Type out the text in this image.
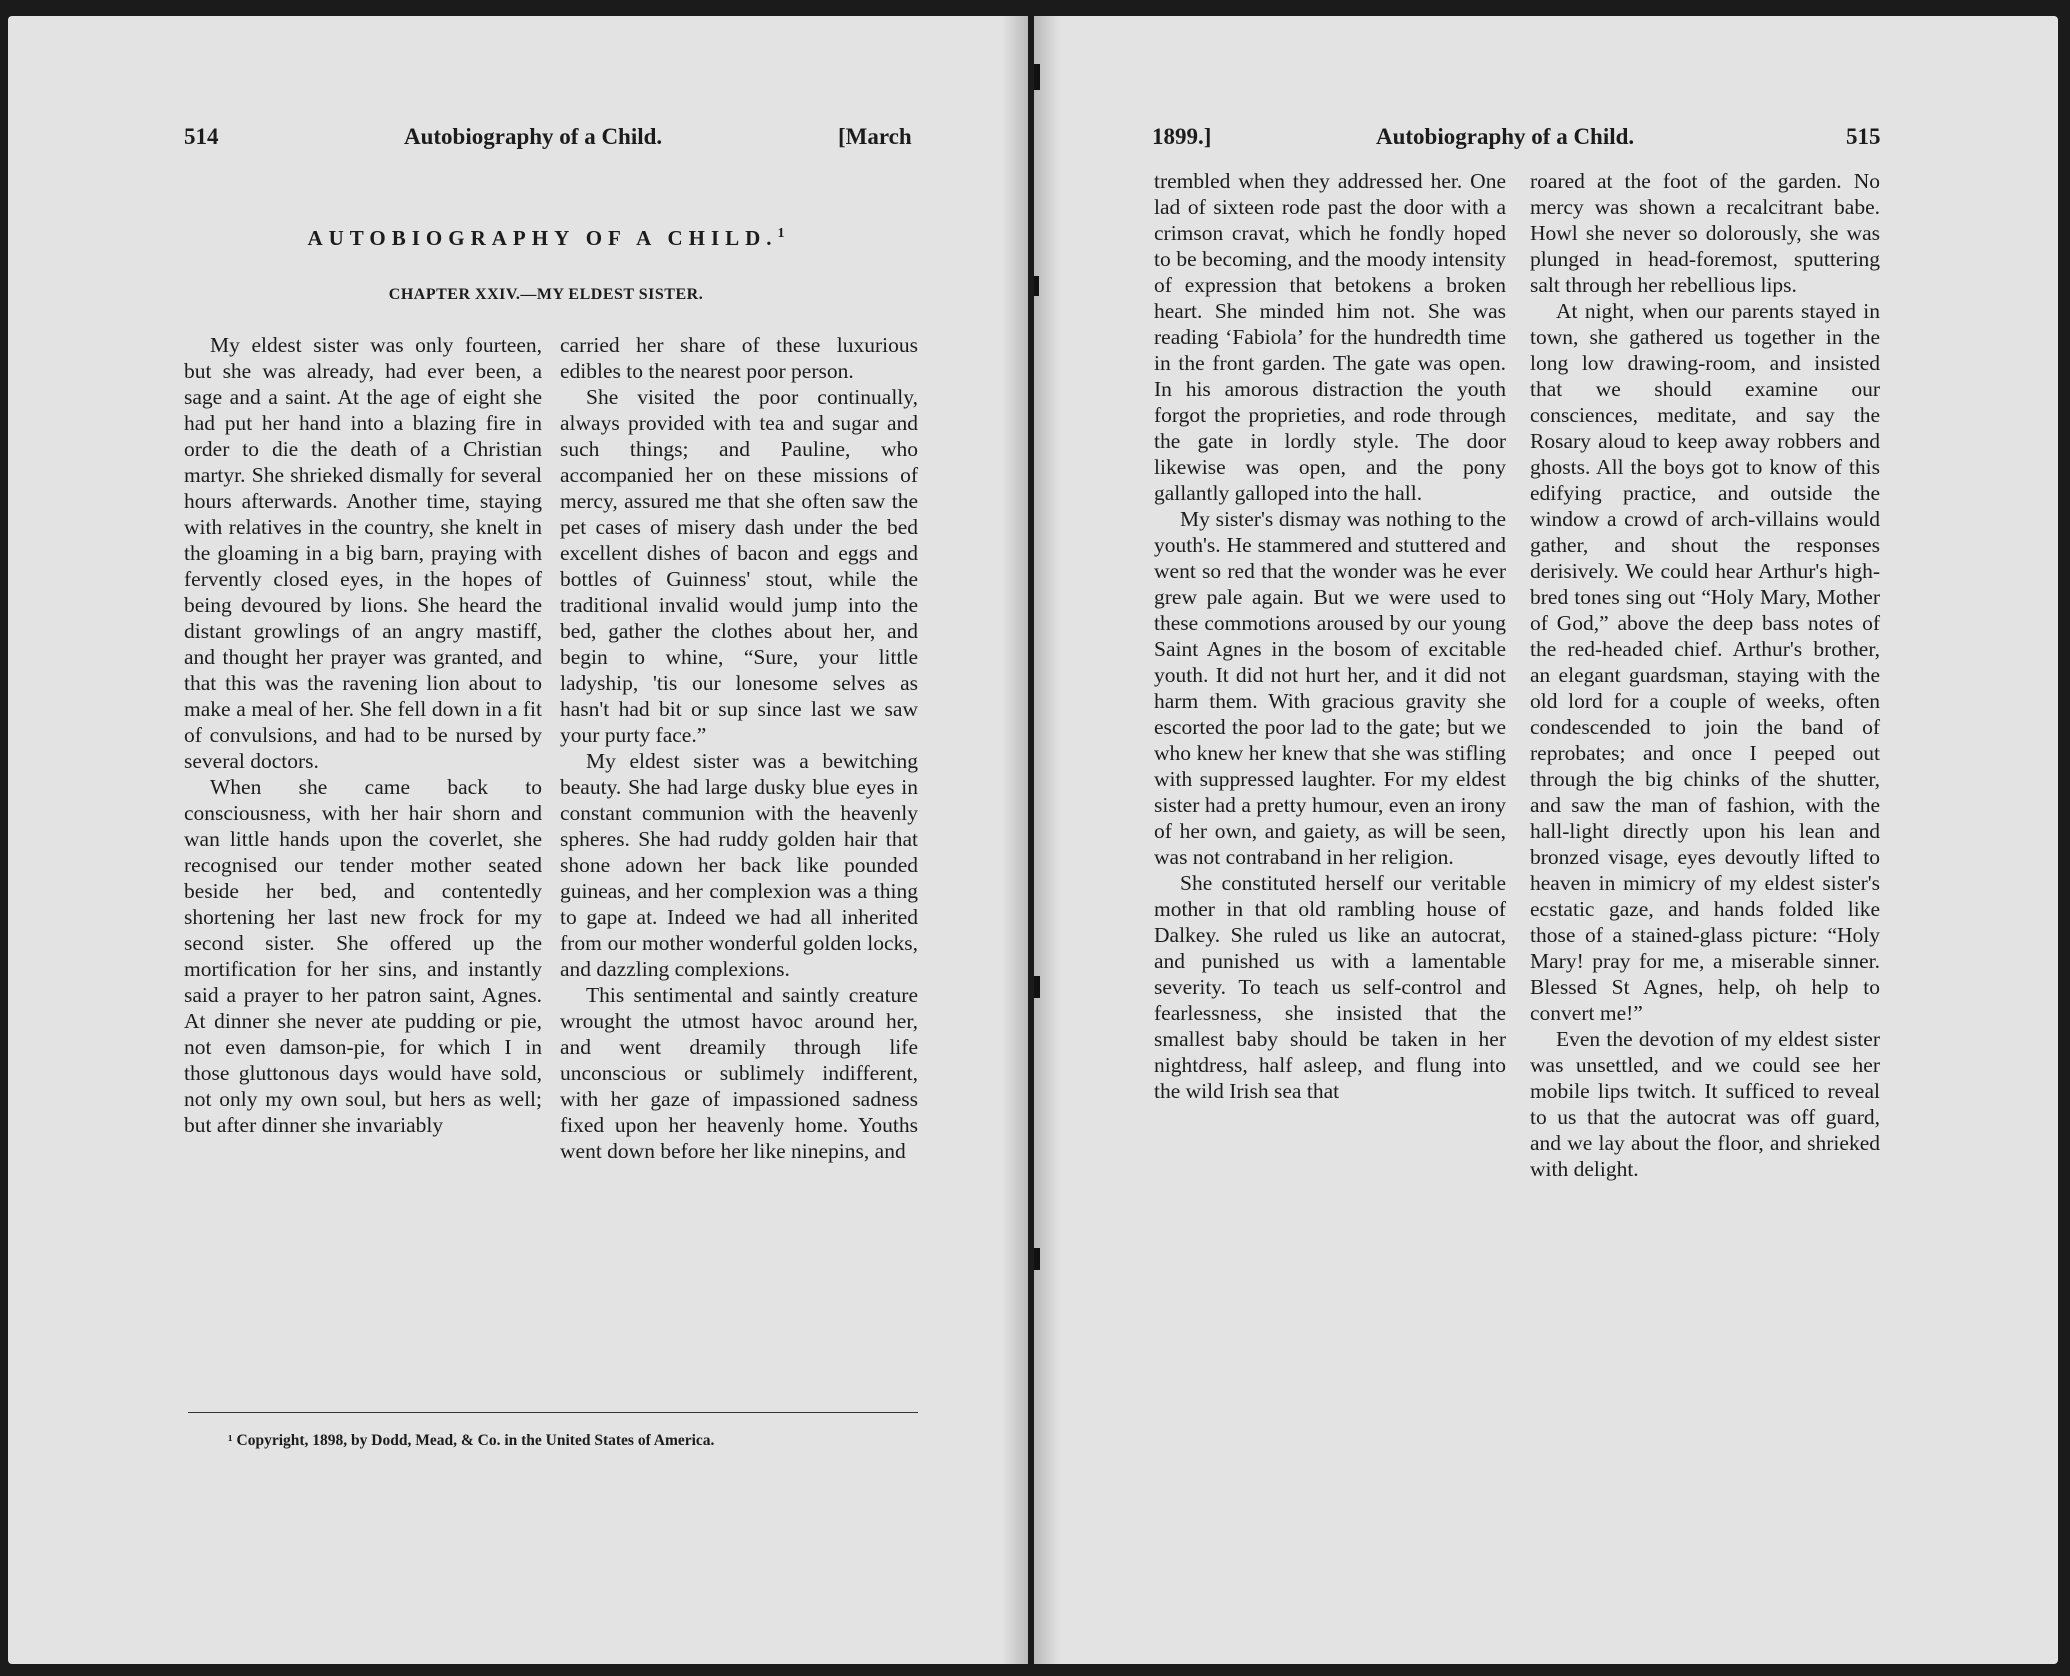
514	Autobiography of a Child.	[March
AUTOBIOGRAPHY OF A CHILD.$^1$
CHAPTER XXIV.—MY ELDEST SISTER.

My eldest sister was only fourteen, but she was already, had ever been, a sage and a saint. At the age of eight she had put her hand into a blazing fire in order to die the death of a Christian martyr. She shrieked dismally for several hours afterwards. Another time, staying with relatives in the country, she knelt in the gloaming in a big barn, praying with fervently closed eyes, in the hopes of being devoured by lions. She heard the distant growlings of an angry mastiff, and thought her prayer was granted, and that this was the ravening lion about to make a meal of her. She fell down in a fit of convulsions, and had to be nursed by several doctors.

When she came back to consciousness, with her hair shorn and wan little hands upon the coverlet, she recognised our tender mother seated beside her bed, and contentedly shortening her last new frock for my second sister. She offered up the mortification for her sins, and instantly said a prayer to her patron saint, Agnes. At dinner she never ate pudding or pie, not even damson-pie, for which I in those gluttonous days would have sold, not only my own soul, but hers as well; but after dinner she invariably

carried her share of these luxurious edibles to the nearest poor person.

She visited the poor continually, always provided with tea and sugar and such things; and Pauline, who accompanied her on these missions of mercy, assured me that she often saw the pet cases of misery dash under the bed excellent dishes of bacon and eggs and bottles of Guinness' stout, while the traditional invalid would jump into the bed, gather the clothes about her, and begin to whine, “Sure, your little ladyship, 'tis our lonesome selves as hasn't had bit or sup since last we saw your purty face.”

My eldest sister was a bewitching beauty. She had large dusky blue eyes in constant communion with the heavenly spheres. She had ruddy golden hair that shone adown her back like pounded guineas, and her complexion was a thing to gape at. Indeed we had all inherited from our mother wonderful golden locks, and dazzling complexions.

This sentimental and saintly creature wrought the utmost havoc around her, and went dreamily through life unconscious or sublimely indifferent, with her gaze of impassioned sadness fixed upon her heavenly home. Youths went down before her like ninepins, and

¹ Copyright, 1898, by Dodd, Mead, & Co. in the United States of America.
1899.]	Autobiography of a Child.	515

trembled when they addressed her. One lad of sixteen rode past the door with a crimson cravat, which he fondly hoped to be becoming, and the moody intensity of expression that betokens a broken heart. She minded him not. She was reading ‘Fabiola’ for the hundredth time in the front garden. The gate was open. In his amorous distraction the youth forgot the proprieties, and rode through the gate in lordly style. The door likewise was open, and the pony gallantly galloped into the hall.

My sister's dismay was nothing to the youth's. He stammered and stuttered and went so red that the wonder was he ever grew pale again. But we were used to these commotions aroused by our young Saint Agnes in the bosom of excitable youth. It did not hurt her, and it did not harm them. With gracious gravity she escorted the poor lad to the gate; but we who knew her knew that she was stifling with suppressed laughter. For my eldest sister had a pretty humour, even an irony of her own, and gaiety, as will be seen, was not contraband in her religion.

She constituted herself our veritable mother in that old rambling house of Dalkey. She ruled us like an autocrat, and punished us with a lamentable severity. To teach us self-control and fearlessness, she insisted that the smallest baby should be taken in her nightdress, half asleep, and flung into the wild Irish sea that

roared at the foot of the garden. No mercy was shown a recalcitrant babe. Howl she never so dolorously, she was plunged in head-foremost, sputtering salt through her rebellious lips.

At night, when our parents stayed in town, she gathered us together in the long low drawing-room, and insisted that we should examine our consciences, meditate, and say the Rosary aloud to keep away robbers and ghosts. All the boys got to know of this edifying practice, and outside the window a crowd of arch-villains would gather, and shout the responses derisively. We could hear Arthur's high-bred tones sing out “Holy Mary, Mother of God,” above the deep bass notes of the red-headed chief. Arthur's brother, an elegant guardsman, staying with the old lord for a couple of weeks, often condescended to join the band of reprobates; and once I peeped out through the big chinks of the shutter, and saw the man of fashion, with the hall-light directly upon his lean and bronzed visage, eyes devoutly lifted to heaven in mimicry of my eldest sister's ecstatic gaze, and hands folded like those of a stained-glass picture: “Holy Mary! pray for me, a miserable sinner. Blessed St Agnes, help, oh help to convert me!”

Even the devotion of my eldest sister was unsettled, and we could see her mobile lips twitch. It sufficed to reveal to us that the autocrat was off guard, and we lay about the floor, and shrieked with delight.
